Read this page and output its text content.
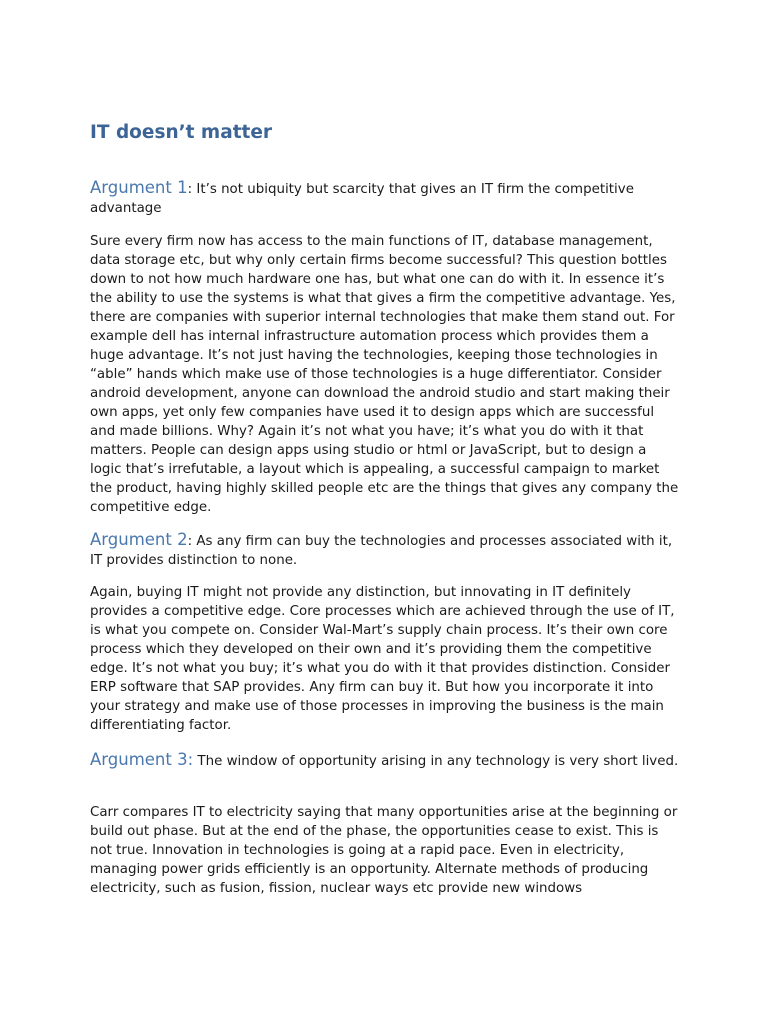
IT doesn’t matter

Argument 1: It’s not ubiquity but scarcity that gives an IT firm the competitive advantage

Sure every firm now has access to the main functions of IT, database management, data storage etc, but why only certain firms become successful? This question bottles down to not how much hardware one has, but what one can do with it. In essence it’s the ability to use the systems is what that gives a firm the competitive advantage. Yes, there are companies with superior internal technologies that make them stand out. For example dell has internal infrastructure automation process which provides them a huge advantage. It’s not just having the technologies, keeping those technologies in “able” hands which make use of those technologies is a huge differentiator. Consider android development, anyone can download the android studio and start making their own apps, yet only few companies have used it to design apps which are successful and made billions. Why? Again it’s not what you have; it’s what you do with it that matters. People can design apps using studio or html or JavaScript, but to design a logic that’s irrefutable, a layout which is appealing, a successful campaign to market the product, having highly skilled people etc are the things that gives any company the competitive edge.

Argument 2: As any firm can buy the technologies and processes associated with it, IT provides distinction to none.

Again, buying IT might not provide any distinction, but innovating in IT definitely provides a competitive edge. Core processes which are achieved through the use of IT, is what you compete on. Consider Wal-Mart’s supply chain process. It’s their own core process which they developed on their own and it’s providing them the competitive edge. It’s not what you buy; it’s what you do with it that provides distinction. Consider ERP software that SAP provides. Any firm can buy it. But how you incorporate it into your strategy and make use of those processes in improving the business is the main differentiating factor.

Argument 3: The window of opportunity arising in any technology is very short lived.

Carr compares IT to electricity saying that many opportunities arise at the beginning or build out phase. But at the end of the phase, the opportunities cease to exist. This is not true. Innovation in technologies is going at a rapid pace. Even in electricity, managing power grids efficiently is an opportunity. Alternate methods of producing electricity, such as fusion, fission, nuclear ways etc provide new windows
